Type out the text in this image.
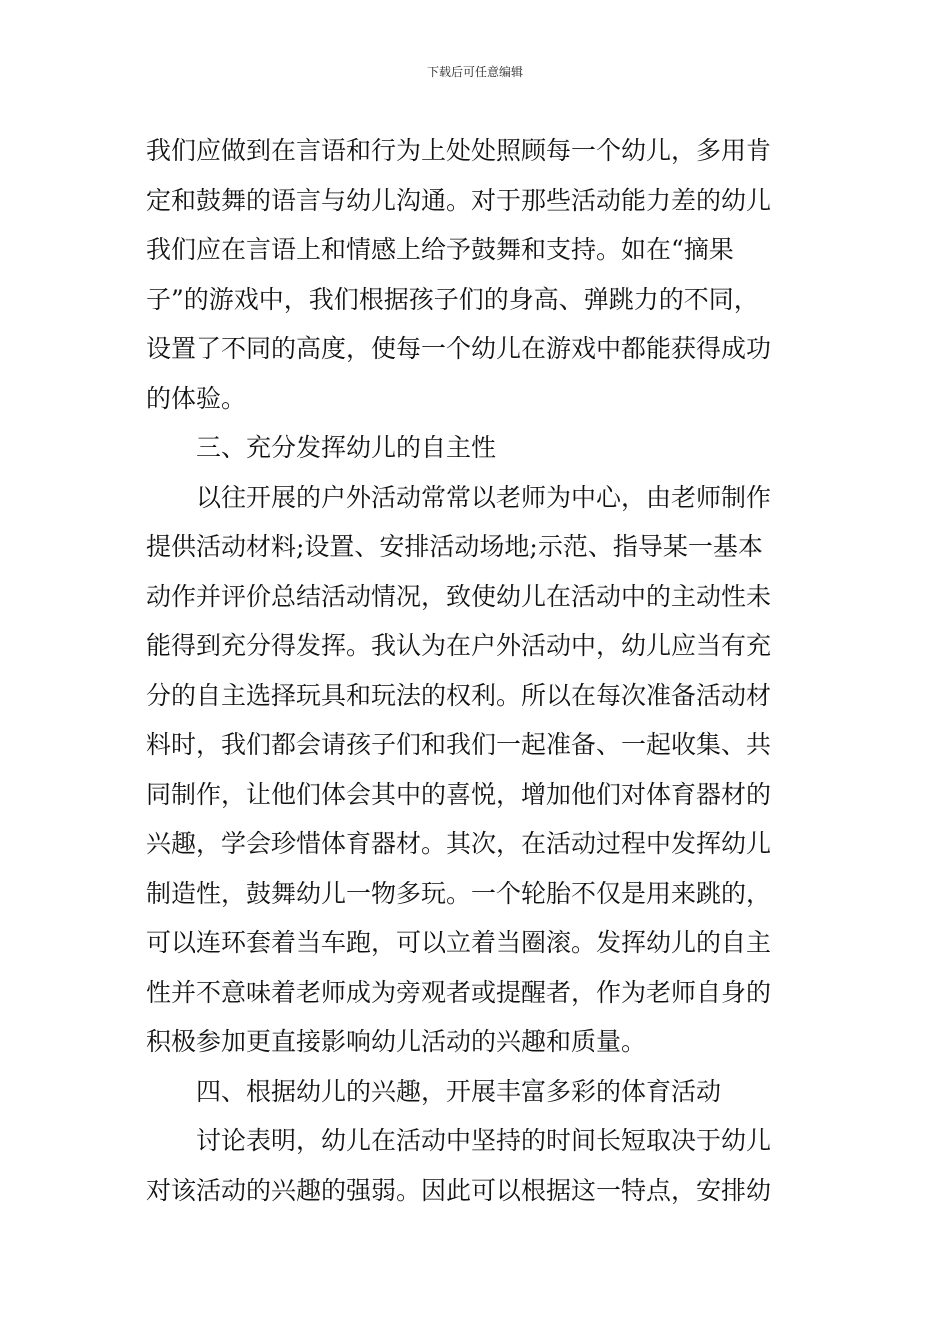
下载后可任意编辑
我们应做到在言语和行为上处处照顾每一个幼儿，多用肯
定和鼓舞的语言与幼儿沟通。对于那些活动能力差的幼儿
我们应在言语上和情感上给予鼓舞和支持。如在“摘果
子”的游戏中，我们根据孩子们的身高、弹跳力的不同，
设置了不同的高度，使每一个幼儿在游戏中都能获得成功
的体验。
三、充分发挥幼儿的自主性
以往开展的户外活动常常以老师为中心，由老师制作
提供活动材料;设置、安排活动场地;示范、指导某一基本
动作并评价总结活动情况，致使幼儿在活动中的主动性未
能得到充分得发挥。我认为在户外活动中，幼儿应当有充
分的自主选择玩具和玩法的权利。所以在每次准备活动材
料时，我们都会请孩子们和我们一起准备、一起收集、共
同制作，让他们体会其中的喜悦，增加他们对体育器材的
兴趣，学会珍惜体育器材。其次，在活动过程中发挥幼儿
制造性，鼓舞幼儿一物多玩。一个轮胎不仅是用来跳的，
可以连环套着当车跑，可以立着当圈滚。发挥幼儿的自主
性并不意味着老师成为旁观者或提醒者，作为老师自身的
积极参加更直接影响幼儿活动的兴趣和质量。
四、根据幼儿的兴趣，开展丰富多彩的体育活动
讨论表明，幼儿在活动中坚持的时间长短取决于幼儿
对该活动的兴趣的强弱。因此可以根据这一特点，安排幼
